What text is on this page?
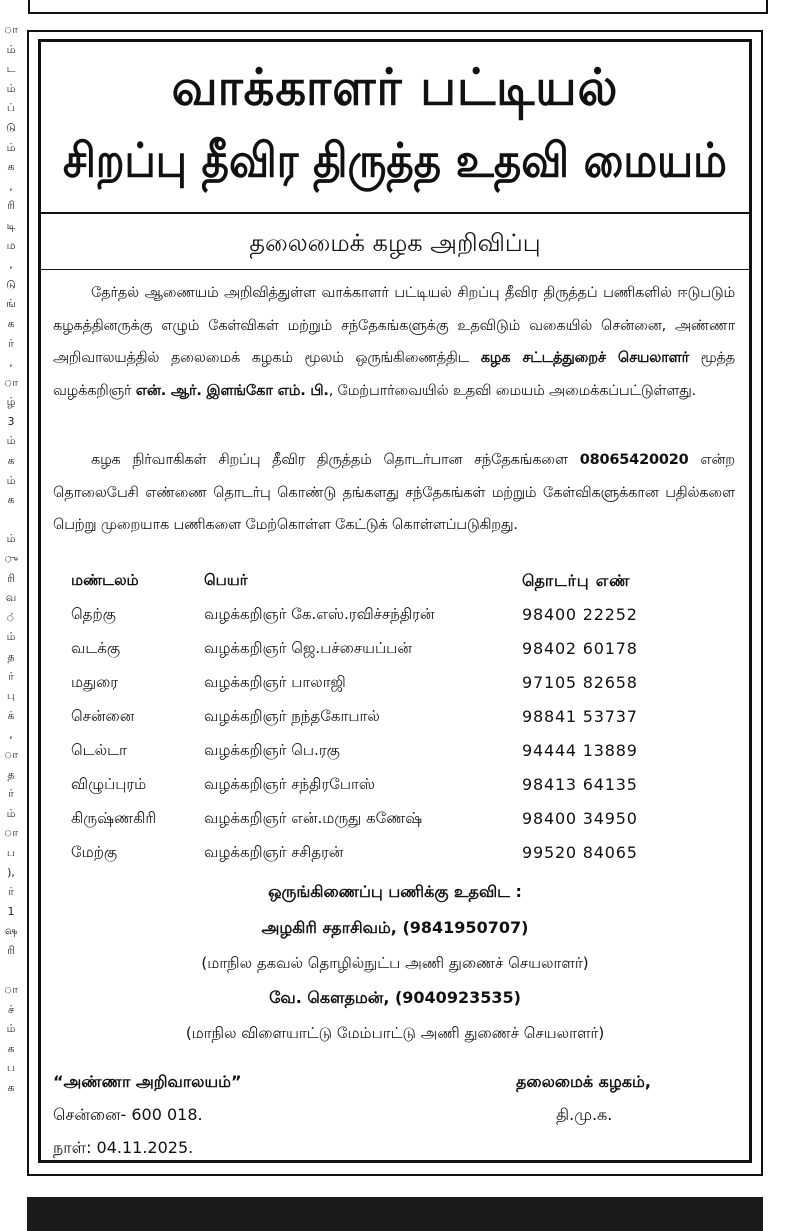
ா
ம்
ட
ம்
ப்
டு
ம்
க
,
ரி
டி
ம
,
டு
ங்
க
ர்
,
ா
ழ்
3
ம்
க
ம்
க
ம்
ு
ரி
வ
்
ம்
த
ர்
பு
க்
,
ா
த
ர்
ம்
ா
ப
),
ர்
1
ஷ
ரி
ா
ச்
ம்
க
ப
க
வாக்காளர் பட்டியல்
சிறப்பு தீவிர திருத்த உதவி மையம்
தலைமைக் கழக அறிவிப்பு
தேர்தல் ஆணையம் அறிவித்துள்ள வாக்காளர் பட்டியல் சிறப்பு தீவிர திருத்தப் பணிகளில் ஈடுபடும் கழகத்தினருக்கு எழும் கேள்விகள் மற்றும் சந்தேகங்களுக்கு உதவிடும் வகையில் சென்னை, அண்ணா அறிவாலயத்தில் தலைமைக் கழகம் மூலம் ஒருங்கிணைத்திட கழக சட்டத்துறைச் செயலாளர் மூத்த வழக்கறிஞர் என். ஆர். இளங்கோ எம். பி., மேற்பார்வையில் உதவி மையம் அமைக்கப்பட்டுள்ளது.
கழக நிர்வாகிகள் சிறப்பு தீவிர திருத்தம் தொடர்பான சந்தேகங்களை 08065420020 என்ற தொலைபேசி எண்ணை தொடர்பு கொண்டு தங்களது சந்தேகங்கள் மற்றும் கேள்விகளுக்கான பதில்களை பெற்று முறையாக பணிகளை மேற்கொள்ள கேட்டுக் கொள்ளப்படுகிறது.
மண்டலம்	பெயர்	தொடர்பு எண்
தெற்கு	வழக்கறிஞர் கே.எஸ்.ரவிச்சந்திரன்	98400 22252
வடக்கு	வழக்கறிஞர் ஜெ.பச்சையப்பன்	98402 60178
மதுரை	வழக்கறிஞர் பாலாஜி	97105 82658
சென்னை	வழக்கறிஞர் நந்தகோபால்	98841 53737
டெல்டா	வழக்கறிஞர் பெ.ரகு	94444 13889
விழுப்புரம்	வழக்கறிஞர் சந்திரபோஸ்	98413 64135
கிருஷ்ணகிரி	வழக்கறிஞர் என்.மருது கணேஷ்	98400 34950
மேற்கு	வழக்கறிஞர் சசிதரன்	99520 84065
ஒருங்கிணைப்பு பணிக்கு உதவிட :
அழகிரி சதாசிவம், (9841950707)
(மாநில தகவல் தொழில்நுட்ப அணி துணைச் செயலாளர்)
வே. கௌதமன், (9040923535)
(மாநில விளையாட்டு மேம்பாட்டு அணி துணைச் செயலாளர்)
“அண்ணா அறிவாலயம்”
சென்னை- 600 018.
நாள்: 04.11.2025.
தலைமைக் கழகம்,
தி.மு.க.
